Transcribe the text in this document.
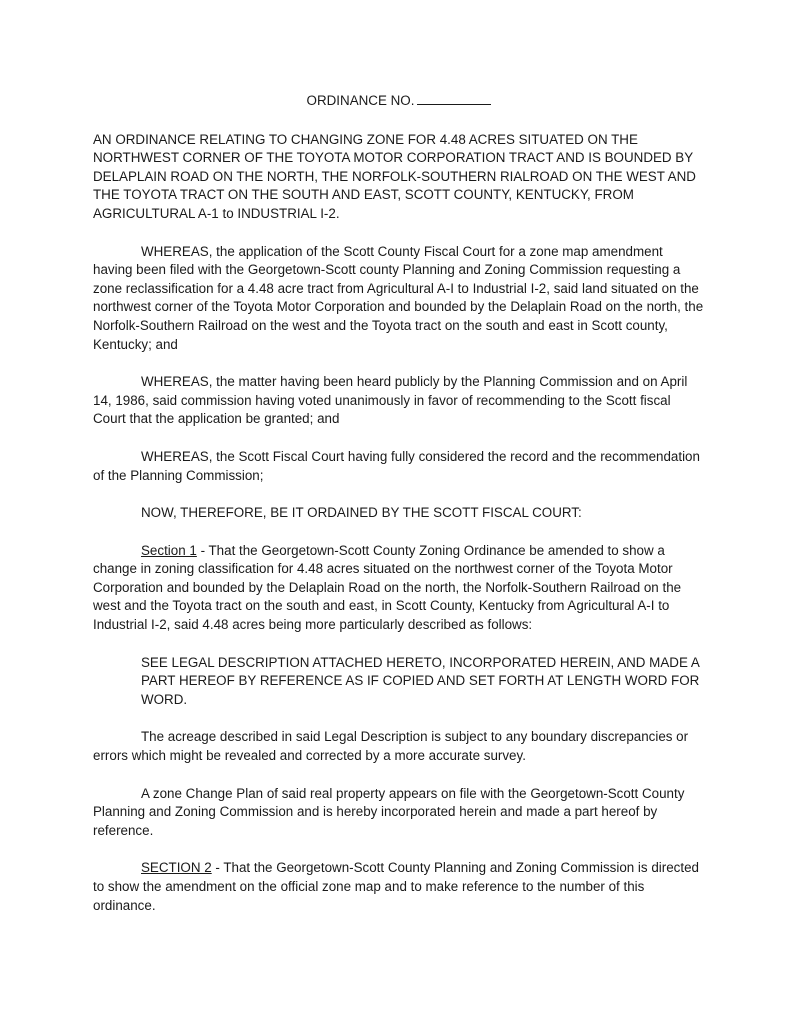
ORDINANCE NO.

AN ORDINANCE RELATING TO CHANGING ZONE FOR 4.48 ACRES SITUATED ON THE NORTHWEST CORNER OF THE TOYOTA MOTOR CORPORATION TRACT AND IS BOUNDED BY DELAPLAIN ROAD ON THE NORTH, THE NORFOLK-SOUTHERN RIALROAD ON THE WEST AND THE TOYOTA TRACT ON THE SOUTH AND EAST, SCOTT COUNTY, KENTUCKY, FROM AGRICULTURAL A-1 to INDUSTRIAL I-2.

WHEREAS, the application of the Scott County Fiscal Court for a zone map amendment having been filed with the Georgetown-Scott county Planning and Zoning Commission requesting a zone reclassification for a 4.48 acre tract from Agricultural A-I to Industrial I-2, said land situated on the northwest corner of the Toyota Motor Corporation and bounded by the Delaplain Road on the north, the Norfolk-Southern Railroad on the west and the Toyota tract on the south and east in Scott county, Kentucky; and

WHEREAS, the matter having been heard publicly by the Planning Commission and on April 14, 1986, said commission having voted unanimously in favor of recommending to the Scott fiscal Court that the application be granted; and

WHEREAS, the Scott Fiscal Court having fully considered the record and the recommendation of the Planning Commission;

NOW, THEREFORE, BE IT ORDAINED BY THE SCOTT FISCAL COURT:

Section 1 - That the Georgetown-Scott County Zoning Ordinance be amended to show a change in zoning classification for 4.48 acres situated on the northwest corner of the Toyota Motor Corporation and bounded by the Delaplain Road on the north, the Norfolk-Southern Railroad on the west and the Toyota tract on the south and east, in Scott County, Kentucky from Agricultural A-I to Industrial I-2, said 4.48 acres being more particularly described as follows:

SEE LEGAL DESCRIPTION ATTACHED HERETO, INCORPORATED HEREIN, AND MADE A PART HEREOF BY REFERENCE AS IF COPIED AND SET FORTH AT LENGTH WORD FOR WORD.

The acreage described in said Legal Description is subject to any boundary discrepancies or errors which might be revealed and corrected by a more accurate survey.

A zone Change Plan of said real property appears on file with the Georgetown-Scott County Planning and Zoning Commission and is hereby incorporated herein and made a part hereof by reference.

SECTION 2 - That the Georgetown-Scott County Planning and Zoning Commission is directed to show the amendment on the official zone map and to make reference to the number of this ordinance.
